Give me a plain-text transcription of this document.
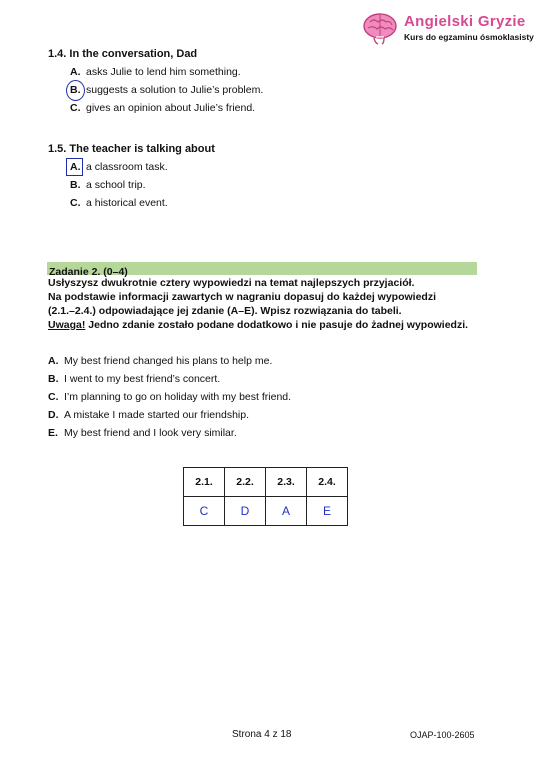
Angielski Gryzie
Kurs do egzaminu ósmoklasisty
1.4. In the conversation, Dad
A. asks Julie to lend him something.
B. suggests a solution to Julie’s problem.
C. gives an opinion about Julie’s friend.
1.5. The teacher is talking about
A. a classroom task.
B. a school trip.
C. a historical event.
Zadanie 2. (0–4)
Usłyszysz dwukrotnie cztery wypowiedzi na temat najlepszych przyjaciół.
Na podstawie informacji zawartych w nagraniu dopasuj do każdej wypowiedzi
(2.1.–2.4.) odpowiadające jej zdanie (A–E). Wpisz rozwiązania do tabeli.
Uwaga! Jedno zdanie zostało podane dodatkowo i nie pasuje do żadnej wypowiedzi.
A. My best friend changed his plans to help me.
B. I went to my best friend’s concert.
C. I’m planning to go on holiday with my best friend.
D. A mistake I made started our friendship.
E. My best friend and I look very similar.
2.1.	2.2.	2.3.	2.4.
C	D	A	E
Strona 4 z 18	OJAP-100-2605
